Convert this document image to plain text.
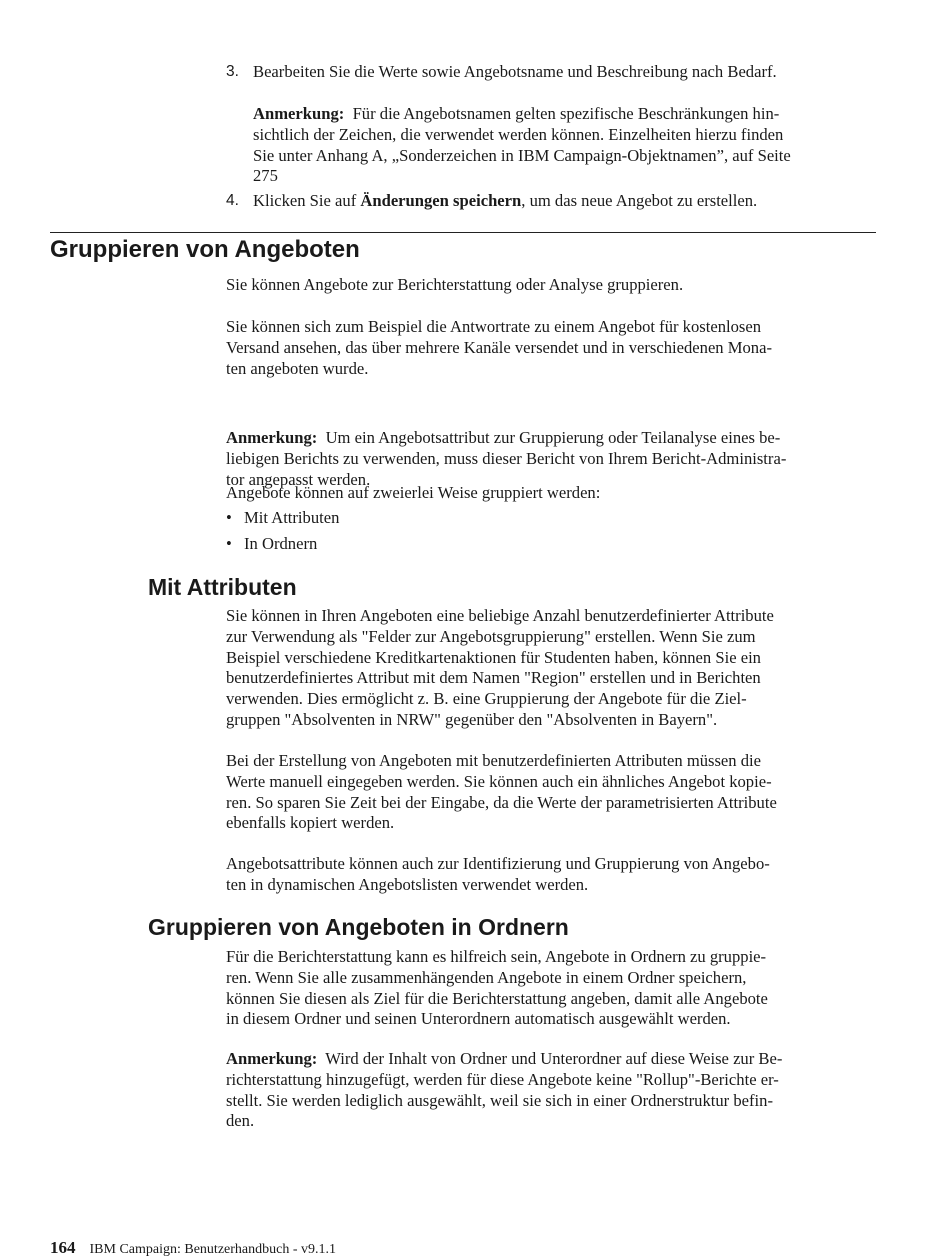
3. Bearbeiten Sie die Werte sowie Angebotsname und Beschreibung nach Bedarf.
Anmerkung: Für die Angebotsnamen gelten spezifische Beschränkungen hin-
sichtlich der Zeichen, die verwendet werden können. Einzelheiten hierzu finden
Sie unter Anhang A, „Sonderzeichen in IBM Campaign-Objektnamen”, auf Seite
275
4. Klicken Sie auf Änderungen speichern, um das neue Angebot zu erstellen.
Gruppieren von Angeboten

Sie können Angebote zur Berichterstattung oder Analyse gruppieren.

Sie können sich zum Beispiel die Antwortrate zu einem Angebot für kostenlosen
Versand ansehen, das über mehrere Kanäle versendet und in verschiedenen Mona-
ten angeboten wurde.
Anmerkung: Um ein Angebotsattribut zur Gruppierung oder Teilanalyse eines be-
liebigen Berichts zu verwenden, muss dieser Bericht von Ihrem Bericht-Administra-
tor angepasst werden.

Angebote können auf zweierlei Weise gruppiert werden:

• Mit Attributen
• In Ordnern
Mit Attributen
Sie können in Ihren Angeboten eine beliebige Anzahl benutzerdefinierter Attribute
zur Verwendung als "Felder zur Angebotsgruppierung" erstellen. Wenn Sie zum
Beispiel verschiedene Kreditkartenaktionen für Studenten haben, können Sie ein
benutzerdefiniertes Attribut mit dem Namen "Region" erstellen und in Berichten
verwenden. Dies ermöglicht z. B. eine Gruppierung der Angebote für die Ziel-
gruppen "Absolventen in NRW" gegenüber den "Absolventen in Bayern".
Bei der Erstellung von Angeboten mit benutzerdefinierten Attributen müssen die
Werte manuell eingegeben werden. Sie können auch ein ähnliches Angebot kopie-
ren. So sparen Sie Zeit bei der Eingabe, da die Werte der parametrisierten Attribute
ebenfalls kopiert werden.
Angebotsattribute können auch zur Identifizierung und Gruppierung von Angebo-
ten in dynamischen Angebotslisten verwendet werden.
Gruppieren von Angeboten in Ordnern
Für die Berichterstattung kann es hilfreich sein, Angebote in Ordnern zu gruppie-
ren. Wenn Sie alle zusammenhängenden Angebote in einem Ordner speichern,
können Sie diesen als Ziel für die Berichterstattung angeben, damit alle Angebote
in diesem Ordner und seinen Unterordnern automatisch ausgewählt werden.
Anmerkung: Wird der Inhalt von Ordner und Unterordner auf diese Weise zur Be-
richterstattung hinzugefügt, werden für diese Angebote keine "Rollup"-Berichte er-
stellt. Sie werden lediglich ausgewählt, weil sie sich in einer Ordnerstruktur befin-
den.
164 IBM Campaign: Benutzerhandbuch - v9.1.1
